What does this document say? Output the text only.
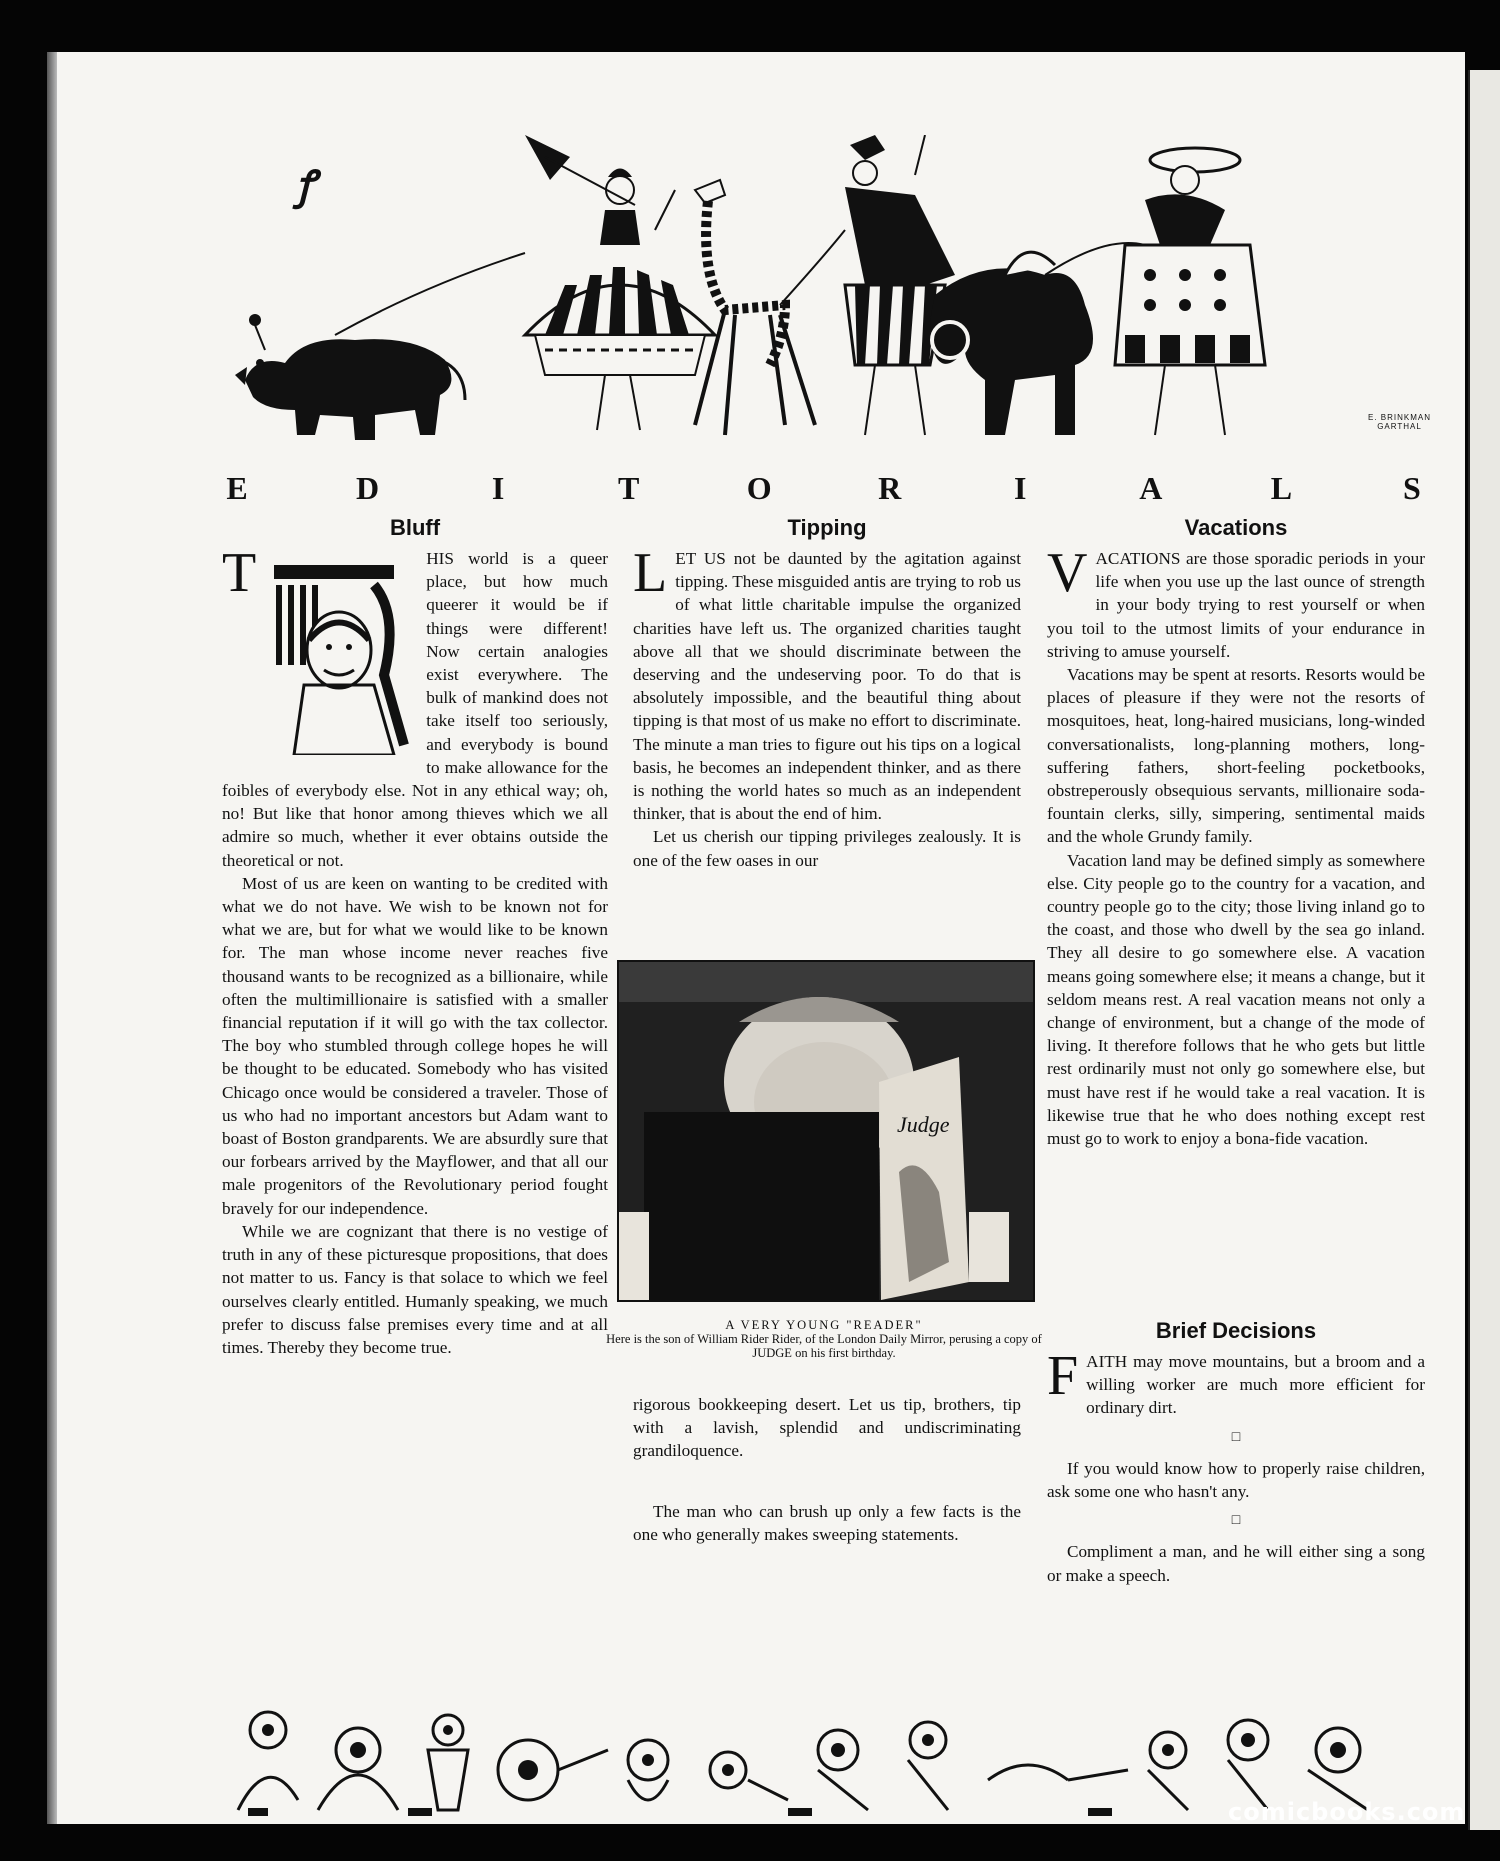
ꝭ
E. BRINKMAN
GARTHAL
E	D	I	T	O	R	I	A	L	S
Bluff

T	HIS world is a queer place, but how much queerer it would be if things were different! Now certain analogies exist everywhere. The bulk of mankind does not take itself too seriously, and everybody is bound to make allowance for the foibles of everybody else. Not in any ethical way; oh, no! But like that honor among thieves which we all admire so much, whether it ever obtains outside the theoretical or not.

Most of us are keen on wanting to be credited with what we do not have. We wish to be known not for what we are, but for what we would like to be known for. The man whose income never reaches five thousand wants to be recognized as a billionaire, while often the multimillionaire is satisfied with a smaller financial reputation if it will go with the tax collector. The boy who stumbled through college hopes he will be thought to be educated. Somebody who has visited Chicago once would be considered a traveler. Those of us who had no important ancestors but Adam want to boast of Boston grandparents. We are absurdly sure that our forbears arrived by the Mayflower, and that all our male progenitors of the Revolutionary period fought bravely for our independence.

While we are cognizant that there is no vestige of truth in any of these picturesque propositions, that does not matter to us. Fancy is that solace to which we feel ourselves clearly entitled. Humanly speaking, we much prefer to discuss false premises every time and at all times. Thereby they become true.

Tipping

L ET US not be daunted by the agitation against tipping. These misguided antis are trying to rob us of what little charitable impulse the organized charities have left us. The organized charities taught above all that we should discriminate between the deserving and the undeserving poor. To do that is absolutely impossible, and the beautiful thing about tipping is that most of us make no effort to discriminate. The minute a man tries to figure out his tips on a logical basis, he becomes an independent thinker, and as there is nothing the world hates so much as an independent thinker, that is about the end of him.

Let us cherish our tipping privileges zealously. It is one of the few oases in our

Judge
A VERY YOUNG "READER"
Here is the son of William Rider Rider, of the London Daily Mirror, perusing a copy of JUDGE on his first birthday.

rigorous bookkeeping desert. Let us tip, brothers, tip with a lavish, splendid and undiscriminating grandiloquence.

The man who can brush up only a few facts is the one who generally makes sweeping statements.

Vacations

V ACATIONS are those sporadic periods in your life when you use up the last ounce of strength in your body trying to rest yourself or when you toil to the utmost limits of your endurance in striving to amuse yourself.

Vacations may be spent at resorts. Resorts would be places of pleasure if they were not the resorts of mosquitoes, heat, long-haired musicians, long-winded conversationalists, long-planning mothers, long-suffering fathers, short-feeling pocketbooks, obstreperously obsequious servants, millionaire soda-fountain clerks, silly, simpering, sentimental maids and the whole Grundy family.

Vacation land may be defined simply as somewhere else. City people go to the country for a vacation, and country people go to the city; those living inland go to the coast, and those who dwell by the sea go inland. They all desire to go somewhere else. A vacation means going somewhere else; it means a change, but it seldom means rest. A real vacation means not only a change of environment, but a change of the mode of living. It therefore follows that he who gets but little rest ordinarily must not only go somewhere else, but must have rest if he would take a real vacation. It is likewise true that he who does nothing except rest must go to work to enjoy a bona-fide vacation.

Brief Decisions

F AITH may move mountains, but a broom and a willing worker are much more efficient for ordinary dirt.

□

If you would know how to properly raise children, ask some one who hasn't any.

□

Compliment a man, and he will either sing a song or make a speech.

comicbooks.com
